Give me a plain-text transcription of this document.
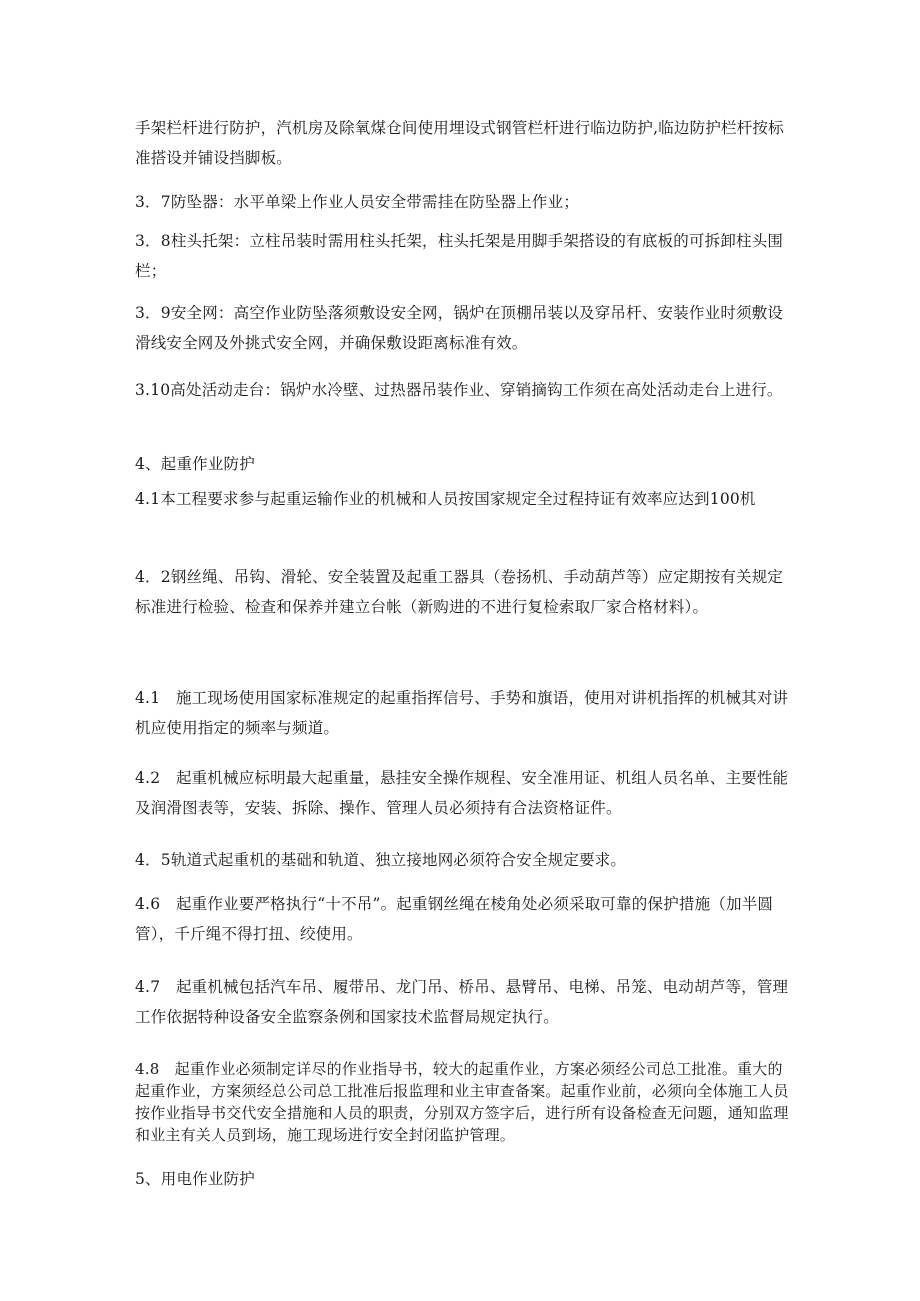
手架栏杆进行防护，汽机房及除氧煤仓间使用埋设式钢管栏杆进行临边防护,临边防护栏杆按标准搭设并铺设挡脚板。
3．7防坠器：水平单梁上作业人员安全带需挂在防坠器上作业；
3．8柱头托架：立柱吊装时需用柱头托架，柱头托架是用脚手架搭设的有底板的可拆卸柱头围栏；
3．9安全网：高空作业防坠落须敷设安全网，锅炉在顶棚吊装以及穿吊杆、安装作业时须敷设滑线安全网及外挑式安全网，并确保敷设距离标准有效。
3.10高处活动走台：锅炉水冷壁、过热器吊装作业、穿销摘钩工作须在高处活动走台上进行。
4、起重作业防护
4.1本工程要求参与起重运输作业的机械和人员按国家规定全过程持证有效率应达到100机
4．2钢丝绳、吊钩、滑轮、安全装置及起重工器具（卷扬机、手动葫芦等）应定期按有关规定标准进行检验、检查和保养并建立台帐（新购进的不进行复检索取厂家合格材料）。
4.1　施工现场使用国家标准规定的起重指挥信号、手势和旗语，使用对讲机指挥的机械其对讲机应使用指定的频率与频道。
4.2　起重机械应标明最大起重量，悬挂安全操作规程、安全准用证、机组人员名单、主要性能及润滑图表等，安装、拆除、操作、管理人员必须持有合法资格证件。
4．5轨道式起重机的基础和轨道、独立接地网必须符合安全规定要求。
4.6　起重作业要严格执行“十不吊”。起重钢丝绳在棱角处必须采取可靠的保护措施（加半圆管），千斤绳不得打扭、绞使用。
4.7　起重机械包括汽车吊、履带吊、龙门吊、桥吊、悬臂吊、电梯、吊笼、电动胡芦等，管理工作依据特种设备安全监察条例和国家技术监督局规定执行。
4.8　起重作业必须制定详尽的作业指导书，较大的起重作业，方案必须经公司总工批准。重大的起重作业，方案须经总公司总工批准后报监理和业主审查备案。起重作业前，必须向全体施工人员按作业指导书交代安全措施和人员的职责，分别双方签字后，进行所有设备检查无问题，通知监理和业主有关人员到场，施工现场进行安全封闭监护管理。
5、用电作业防护
